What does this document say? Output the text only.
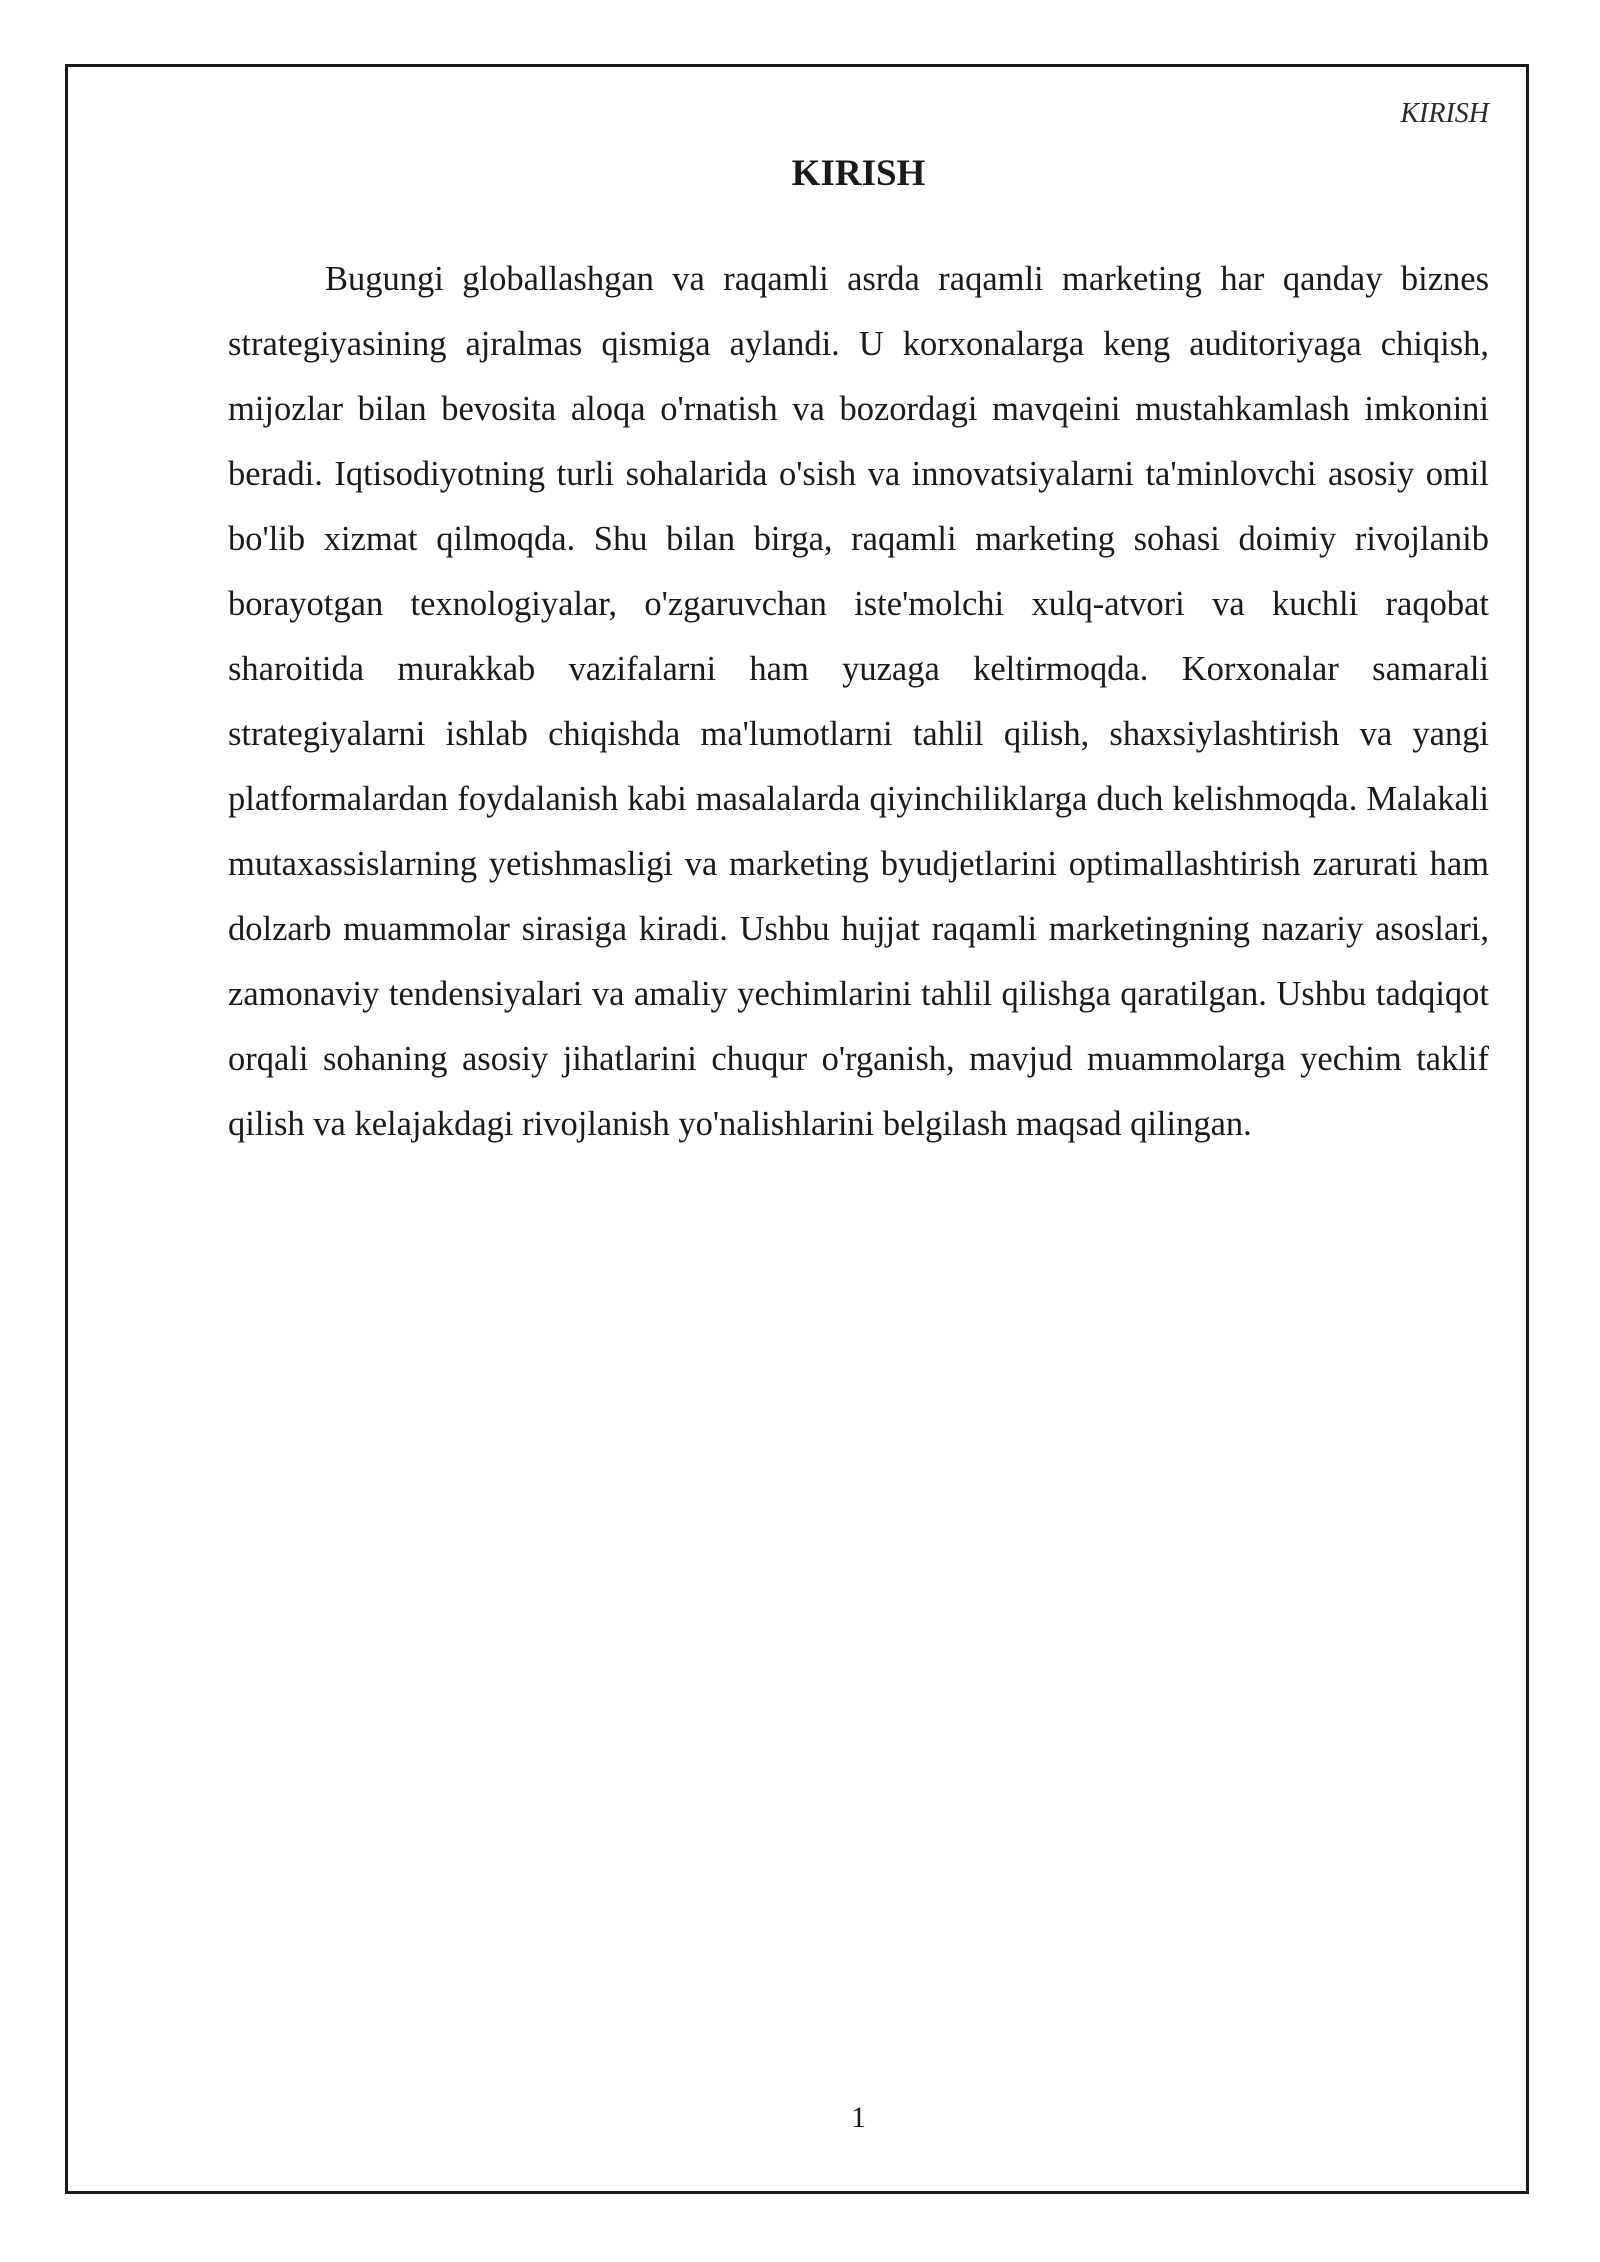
KIRISH
KIRISH

Bugungi globallashgan va raqamli asrda raqamli marketing har qanday biznes strategiyasining ajralmas qismiga aylandi. U korxonalarga keng auditoriyaga chiqish, mijozlar bilan bevosita aloqa o'rnatish va bozordagi mavqeini mustahkamlash imkonini beradi. Iqtisodiyotning turli sohalarida o'sish va innovatsiyalarni ta'minlovchi asosiy omil bo'lib xizmat qilmoqda. Shu bilan birga, raqamli marketing sohasi doimiy rivojlanib borayotgan texnologiyalar, o'zgaruvchan iste'molchi xulq-atvori va kuchli raqobat sharoitida murakkab vazifalarni ham yuzaga keltirmoqda. Korxonalar samarali strategiyalarni ishlab chiqishda ma'lumotlarni tahlil qilish, shaxsiylashtirish va yangi platformalardan foydalanish kabi masalalarda qiyinchiliklarga duch kelishmoqda. Malakali mutaxassislarning yetishmasligi va marketing byudjetlarini optimallashtirish zarurati ham dolzarb muammolar sirasiga kiradi. Ushbu hujjat raqamli marketingning nazariy asoslari, zamonaviy tendensiyalari va amaliy yechimlarini tahlil qilishga qaratilgan. Ushbu tadqiqot orqali sohaning asosiy jihatlarini chuqur o'rganish, mavjud muammolarga yechim taklif qilish va kelajakdagi rivojlanish yo'nalishlarini belgilash maqsad qilingan.

1
